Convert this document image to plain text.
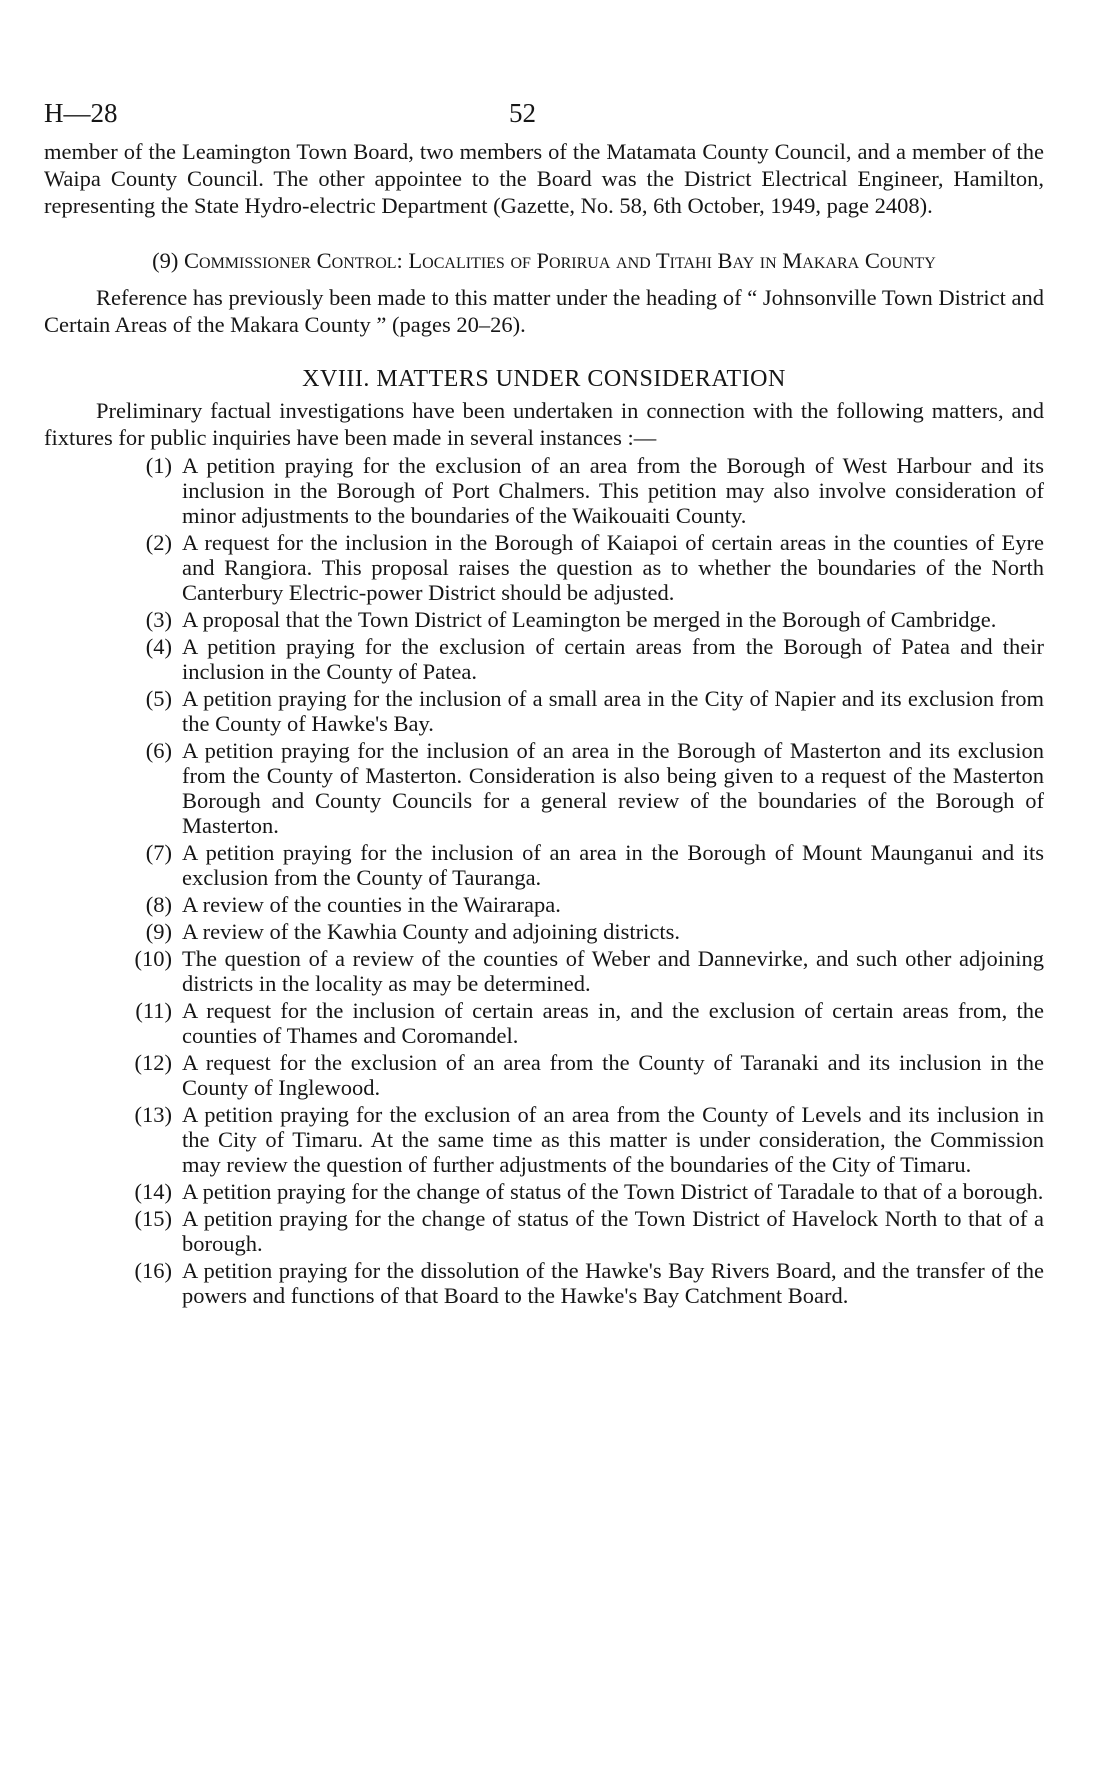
H—28	52

member of the Leamington Town Board, two members of the Matamata County Council, and a member of the Waipa County Council. The other appointee to the Board was the District Electrical Engineer, Hamilton, representing the State Hydro-electric Department (Gazette, No. 58, 6th October, 1949, page 2408).

(9) Commissioner Control: Localities of Porirua and Titahi Bay in Makara County

Reference has previously been made to this matter under the heading of “ Johnsonville Town District and Certain Areas of the Makara County ” (pages 20–26).

XVIII. MATTERS UNDER CONSIDERATION

Preliminary factual investigations have been undertaken in connection with the following matters, and fixtures for public inquiries have been made in several instances :—

(1) A petition praying for the exclusion of an area from the Borough of West Harbour and its inclusion in the Borough of Port Chalmers. This petition may also involve consideration of minor adjustments to the boundaries of the Waikouaiti County.
(2) A request for the inclusion in the Borough of Kaiapoi of certain areas in the counties of Eyre and Rangiora. This proposal raises the question as to whether the boundaries of the North Canterbury Electric-power District should be adjusted.
(3) A proposal that the Town District of Leamington be merged in the Borough of Cambridge.
(4) A petition praying for the exclusion of certain areas from the Borough of Patea and their inclusion in the County of Patea.
(5) A petition praying for the inclusion of a small area in the City of Napier and its exclusion from the County of Hawke's Bay.
(6) A petition praying for the inclusion of an area in the Borough of Masterton and its exclusion from the County of Masterton. Consideration is also being given to a request of the Masterton Borough and County Councils for a general review of the boundaries of the Borough of Masterton.
(7) A petition praying for the inclusion of an area in the Borough of Mount Maunganui and its exclusion from the County of Tauranga.
(8) A review of the counties in the Wairarapa.
(9) A review of the Kawhia County and adjoining districts.
(10) The question of a review of the counties of Weber and Dannevirke, and such other adjoining districts in the locality as may be determined.
(11) A request for the inclusion of certain areas in, and the exclusion of certain areas from, the counties of Thames and Coromandel.
(12) A request for the exclusion of an area from the County of Taranaki and its inclusion in the County of Inglewood.
(13) A petition praying for the exclusion of an area from the County of Levels and its inclusion in the City of Timaru. At the same time as this matter is under consideration, the Commission may review the question of further adjustments of the boundaries of the City of Timaru.
(14) A petition praying for the change of status of the Town District of Taradale to that of a borough.
(15) A petition praying for the change of status of the Town District of Havelock North to that of a borough.
(16) A petition praying for the dissolution of the Hawke's Bay Rivers Board, and the transfer of the powers and functions of that Board to the Hawke's Bay Catchment Board.
